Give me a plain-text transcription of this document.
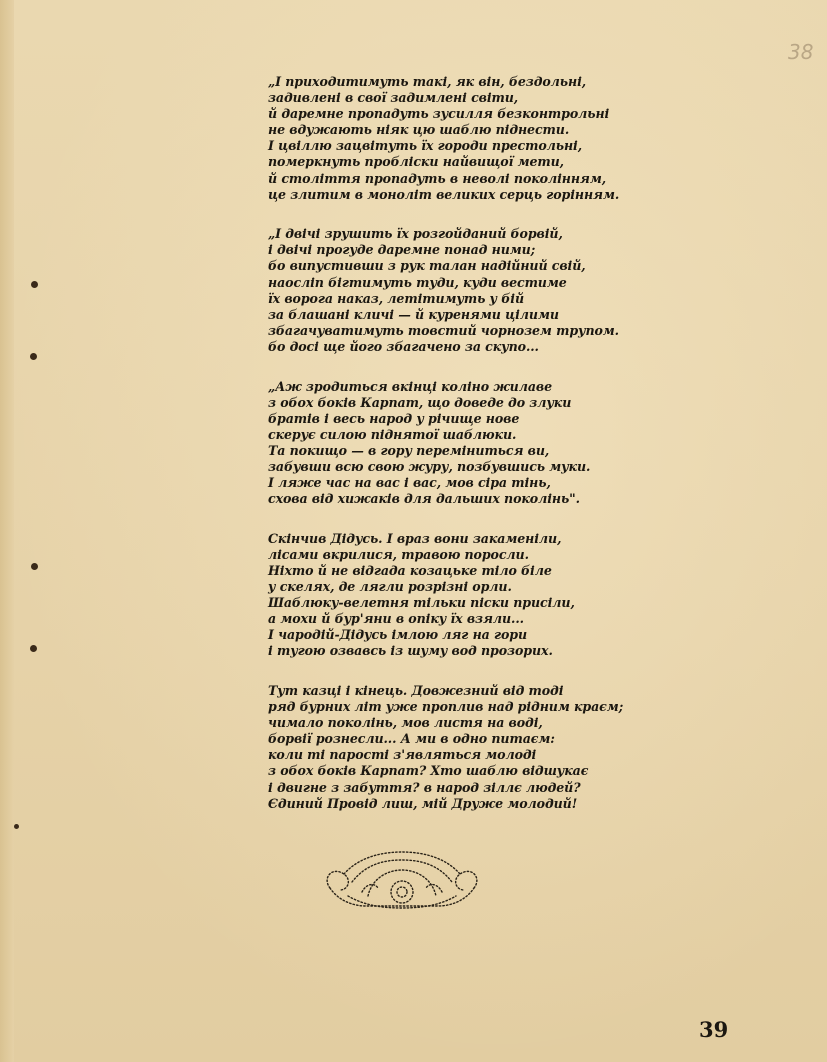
38
„І приходитимуть такі, як він, бездольні,
задивлені в свої задимлені світи,
й даремне пропадуть зусилля безконтрольні
не вдужають ніяк цю шаблю піднести.
І цвіллю зацвітуть їх городи престольні,
померкнуть пробліски найвищої мети,
й століття пропадуть в неволі поколінням,
це злитим в моноліт великих серць горінням.
„І двічі зрушить їх розгойданий борвій,
і двічі прогуде даремне понад ними;
бо випустивши з рук талан надійний свій,
наосліп бігтимуть туди, куди вестиме
їх ворога наказ, летітимуть у бій
за блашані кличі — й куренями цілими
збагачуватимуть товстий чорнозем трупом.
бо досі ще його збагачено за скупо...
„Аж зродиться вкінці коліно жилаве
з обох боків Карпат, що доведе до злуки
братів і весь народ у річище нове
скерує силою піднятої шаблюки.
Та покищо — в гору переміниться ви,
забувши всю свою журу, позбувшись муки.
І ляже час на вас і вас, мов сіра тінь,
схова від хижаків для дальших поколінь".
Скінчив Дідусь. І враз вони закаменіли,
лісами вкрилися, травою поросли.
Ніхто й не відгада козацьке тіло біле
у скелях, де лягли розрізні орли.
Шаблюку-велетня тільки піски присіли,
а мохи й бур'яни в опіку їх взяли...
І чародій-Дідусь імлою ляг на гори
і тугою озвавсь із шуму вод прозорих.
Тут казці і кінець. Довжезний від тоді
ряд бурних літ уже проплив над рідним краєм;
чимало поколінь, мов листя на воді,
борвії рознесли... А ми в одно питаєм:
коли ті парості з'являться молоді
з обох боків Карпат? Хто шаблю відшукає
і двигне з забуття? в народ зіллє людей?
Єдиний Провід лиш, мій Друже молодий!
39
